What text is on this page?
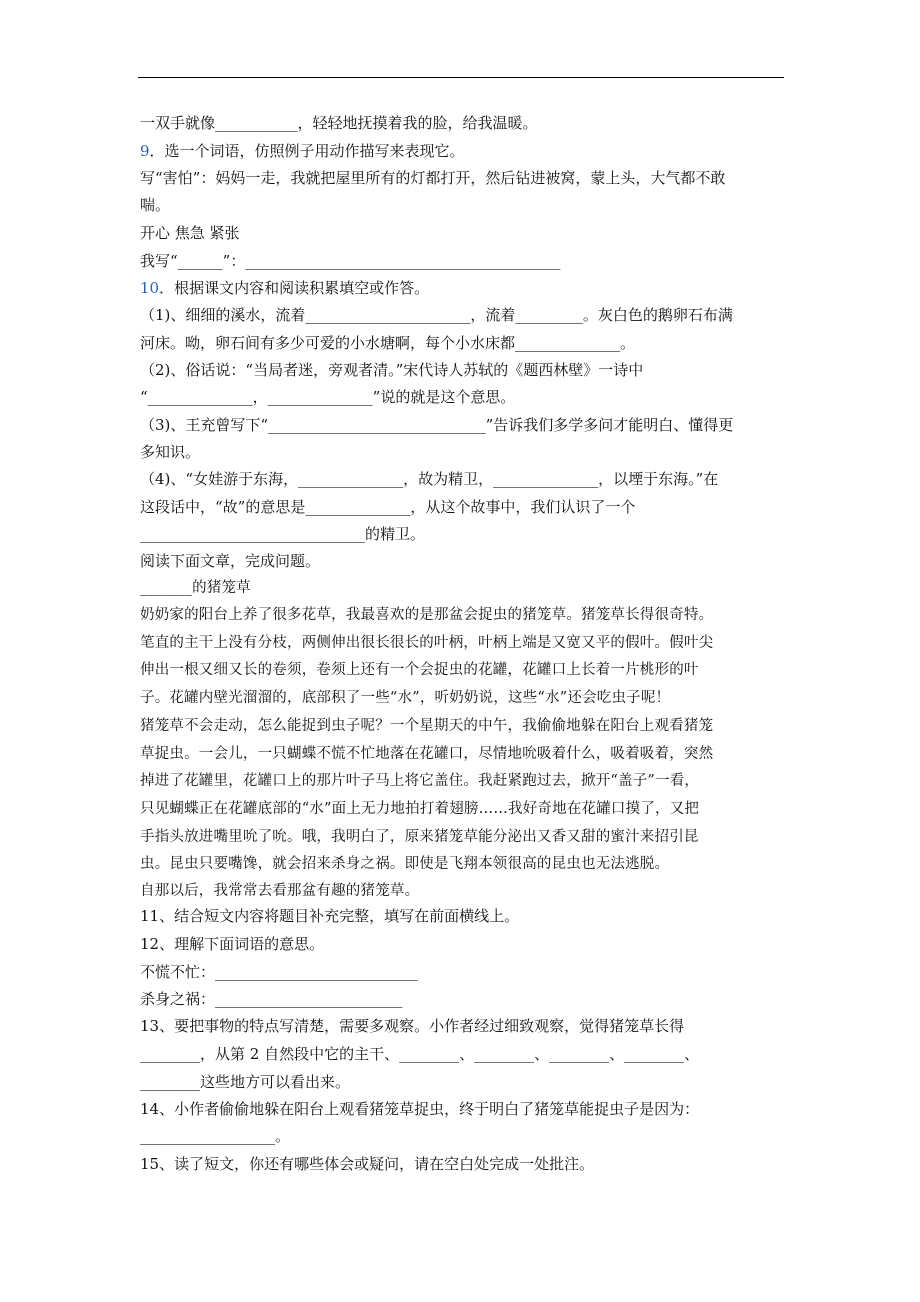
一双手就像___________，轻轻地抚摸着我的脸，给我温暖。
9．选一个词语，仿照例子用动作描写来表现它。
写“害怕”：妈妈一走，我就把屋里所有的灯都打开，然后钻进被窝，蒙上头，大气都不敢
喘。
开心 焦急 紧张
我写“______”：__________________________________________
10．根据课文内容和阅读积累填空或作答。
（1)、细细的溪水，流着______________________，流着_________。灰白色的鹅卵石布满
河床。呦，卵石间有多少可爱的小水塘啊，每个小水床都______________。
（2)、俗话说：“当局者迷，旁观者清。”宋代诗人苏轼的《题西林壁》一诗中
“______________，______________”说的就是这个意思。
（3)、王充曾写下“_____________________________”告诉我们多学多问才能明白、懂得更
多知识。
（4)、“女娃游于东海，______________，故为精卫，______________，以堙于东海。”在
这段话中，“故”的意思是______________，从这个故事中，我们认识了一个
______________________________的精卫。
阅读下面文章，完成问题。
_______的猪笼草
奶奶家的阳台上养了很多花草，我最喜欢的是那盆会捉虫的猪笼草。猪笼草长得很奇特。
笔直的主干上没有分枝，两侧伸出很长很长的叶柄，叶柄上端是又宽又平的假叶。假叶尖
伸出一根又细又长的卷须，卷须上还有一个会捉虫的花罐，花罐口上长着一片桃形的叶
子。花罐内壁光溜溜的，底部积了一些“水”，听奶奶说，这些“水”还会吃虫子呢！
猪笼草不会走动，怎么能捉到虫子呢？一个星期天的中午，我偷偷地躲在阳台上观看猪笼
草捉虫。一会儿，一只蝴蝶不慌不忙地落在花罐口，尽情地吮吸着什么，吸着吸着，突然
掉进了花罐里，花罐口上的那片叶子马上将它盖住。我赶紧跑过去，掀开“盖子”一看，
只见蝴蝶正在花罐底部的“水”面上无力地拍打着翅膀……我好奇地在花罐口摸了，又把
手指头放进嘴里吮了吮。哦，我明白了，原来猪笼草能分泌出又香又甜的蜜汁来招引昆
虫。昆虫只要嘴馋，就会招来杀身之祸。即使是飞翔本领很高的昆虫也无法逃脱。
自那以后，我常常去看那盆有趣的猪笼草。
11、结合短文内容将题目补充完整，填写在前面横线上。
12、理解下面词语的意思。
不慌不忙：___________________________
杀身之祸：_________________________
13、要把事物的特点写清楚，需要多观察。小作者经过细致观察，觉得猪笼草长得
________，从第 2 自然段中它的主干、________、________、________、________、
________这些地方可以看出来。
14、小作者偷偷地躲在阳台上观看猪笼草捉虫，终于明白了猪笼草能捉虫子是因为：
__________________。
15、读了短文，你还有哪些体会或疑问，请在空白处完成一处批注。
